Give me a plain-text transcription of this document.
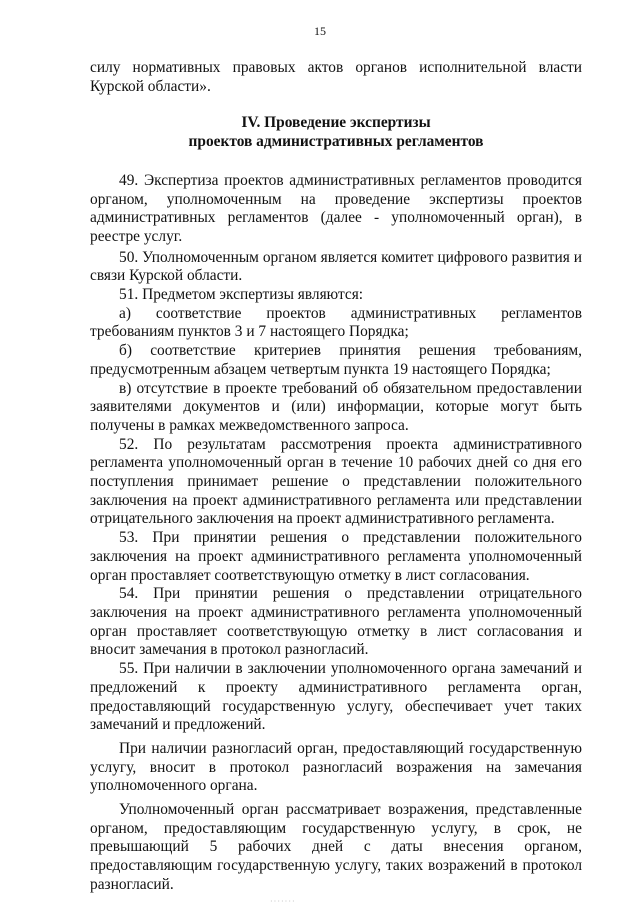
15

силу нормативных правовых актов органов исполнительной власти Курской области».

IV. Проведение экспертизы
проектов административных регламентов

49. Экспертиза проектов административных регламентов проводится органом, уполномоченным на проведение экспертизы проектов административных регламентов (далее - уполномоченный орган), в реестре услуг.

50. Уполномоченным органом является комитет цифрового развития и связи Курской области.

51. Предметом экспертизы являются:

а) соответствие проектов административных регламентов требованиям пунктов 3 и 7 настоящего Порядка;

б) соответствие критериев принятия решения требованиям, предусмотренным абзацем четвертым пункта 19 настоящего Порядка;

в) отсутствие в проекте требований об обязательном предоставлении заявителями документов и (или) информации, которые могут быть получены в рамках межведомственного запроса.

52. По результатам рассмотрения проекта административного регламента уполномоченный орган в течение 10 рабочих дней со дня его поступления принимает решение о представлении положительного заключения на проект административного регламента или представлении отрицательного заключения на проект административного регламента.

53. При принятии решения о представлении положительного заключения на проект административного регламента уполномоченный орган проставляет соответствующую отметку в лист согласования.

54. При принятии решения о представлении отрицательного заключения на проект административного регламента уполномоченный орган проставляет соответствующую отметку в лист согласования и вносит замечания в протокол разногласий.

55. При наличии в заключении уполномоченного органа замечаний и предложений к проекту административного регламента орган, предоставляющий государственную услугу, обеспечивает учет таких замечаний и предложений.

При наличии разногласий орган, предоставляющий государственную услугу, вносит в протокол разногласий возражения на замечания уполномоченного органа.

Уполномоченный орган рассматривает возражения, представленные органом, предоставляющим государственную услугу, в срок, не превышающий 5 рабочих дней с даты внесения органом, предоставляющим государственную услугу, таких возражений в протокол разногласий.

·······
